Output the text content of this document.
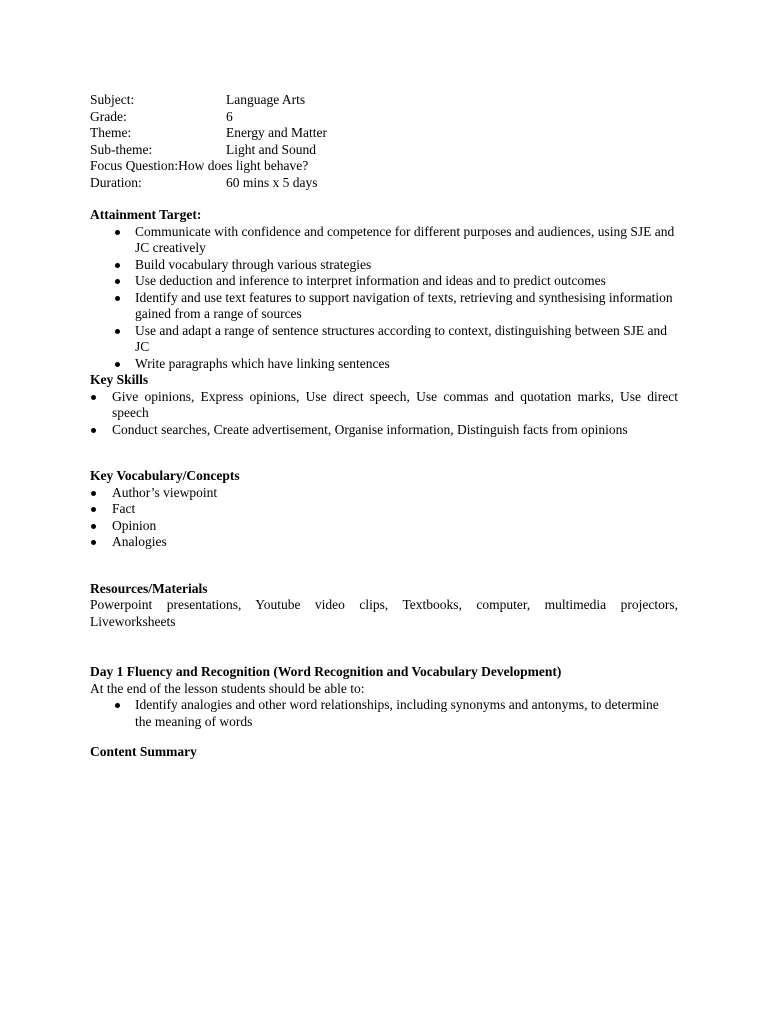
Subject:	Language Arts
Grade:	6
Theme:	Energy and Matter
Sub-theme:	Light and Sound
Focus Question:How does light behave?
Duration:	60 mins x 5 days
Attainment Target:
Communicate with confidence and competence for different purposes and audiences, using SJE and JC creatively
Build vocabulary through various strategies
Use deduction and inference to interpret information and ideas and to predict outcomes
Identify and use text features to support navigation of texts, retrieving and synthesising information gained from a range of sources
Use and adapt a range of sentence structures according to context, distinguishing between SJE and JC
Write paragraphs which have linking sentences
Key Skills
Give opinions, Express opinions, Use direct speech, Use commas and quotation marks, Use direct speech
Conduct searches, Create advertisement, Organise information, Distinguish facts from opinions
Key Vocabulary/Concepts
Author’s viewpoint
Fact
Opinion
Analogies
Resources/Materials
Powerpoint presentations, Youtube video clips, Textbooks, computer, multimedia projectors, Liveworksheets
Day 1 Fluency and Recognition (Word Recognition and Vocabulary Development)
At the end of the lesson students should be able to:
Identify analogies and other word relationships, including synonyms and antonyms, to determine the meaning of words
Content Summary
